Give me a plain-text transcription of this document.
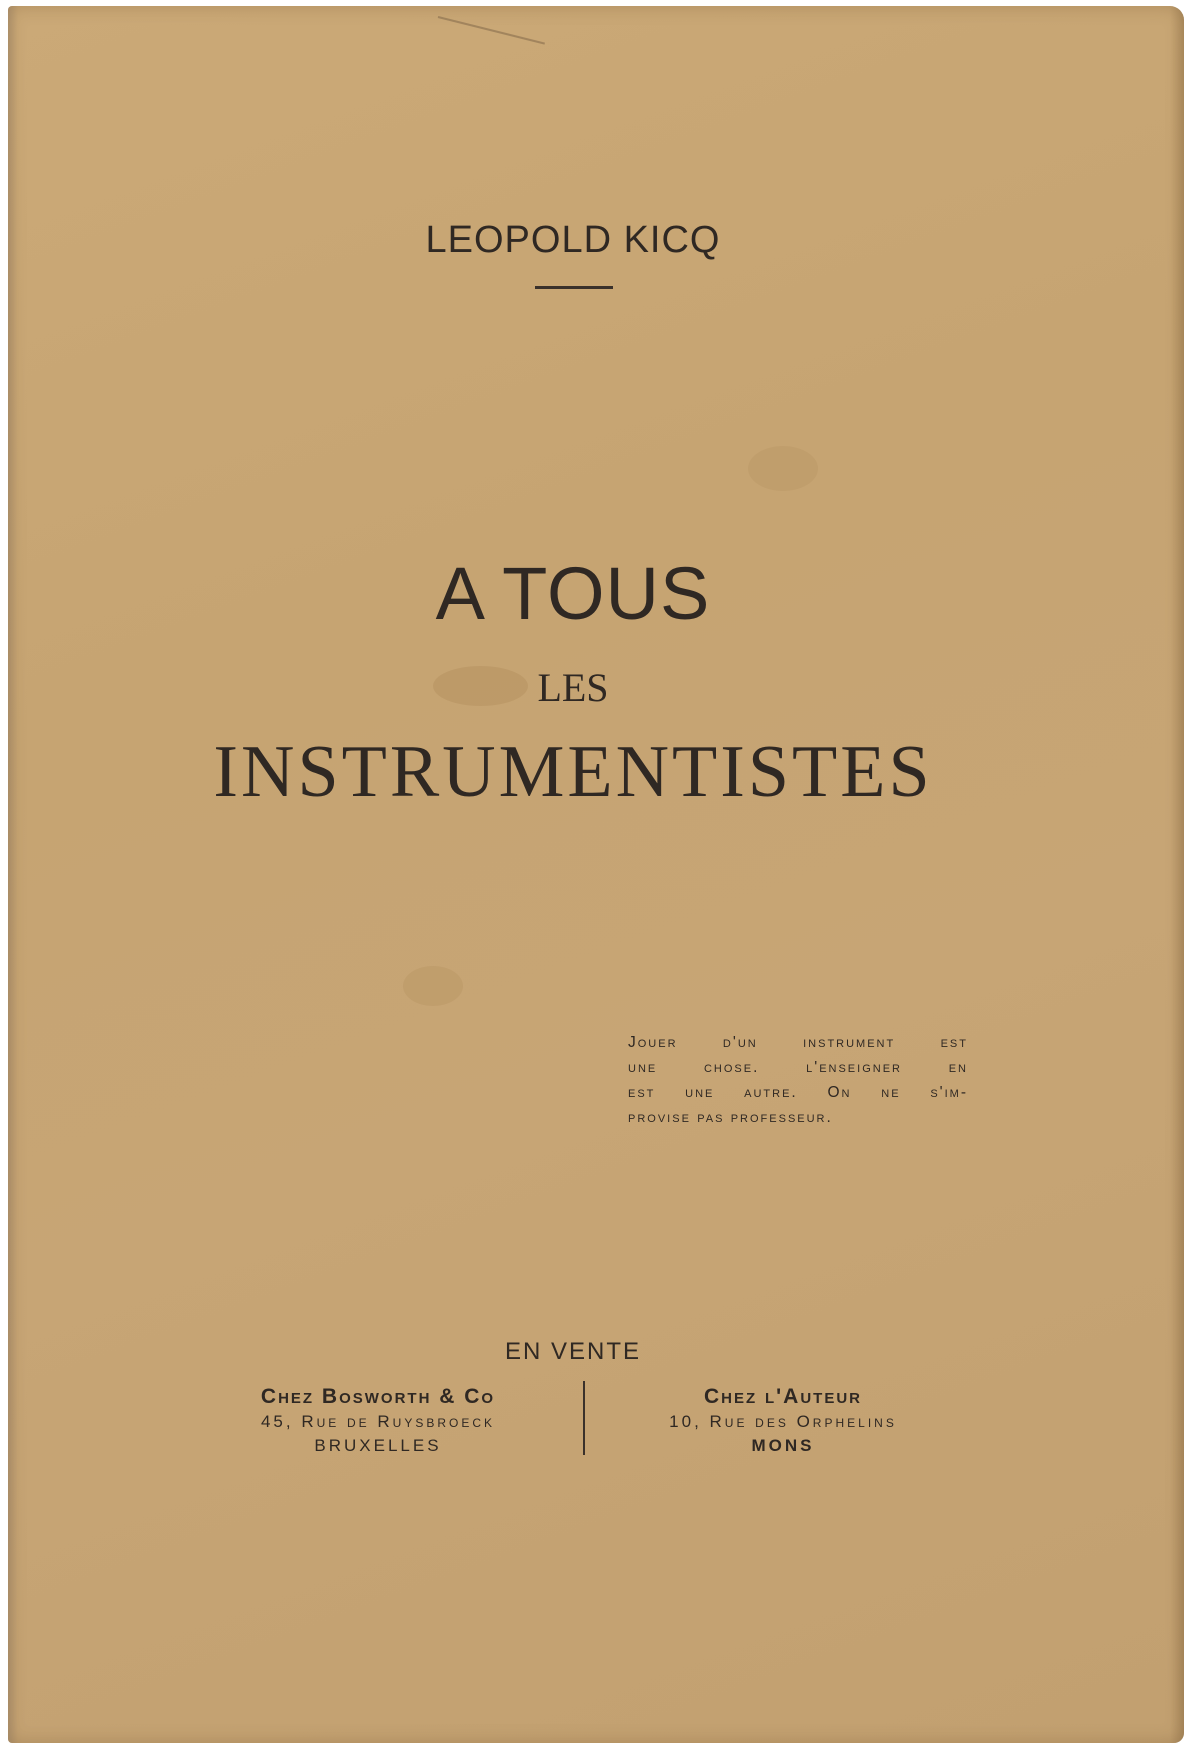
LEOPOLD KICQ
A TOUS
LES
INSTRUMENTISTES
Jouer d'un instrument est
une chose. l'enseigner en
est une autre. On ne s'im-
provise pas professeur.
EN VENTE
Chez Bosworth & Co
45, Rue de Ruysbroeck
BRUXELLES
Chez l'Auteur
10, Rue des Orphelins
MONS
